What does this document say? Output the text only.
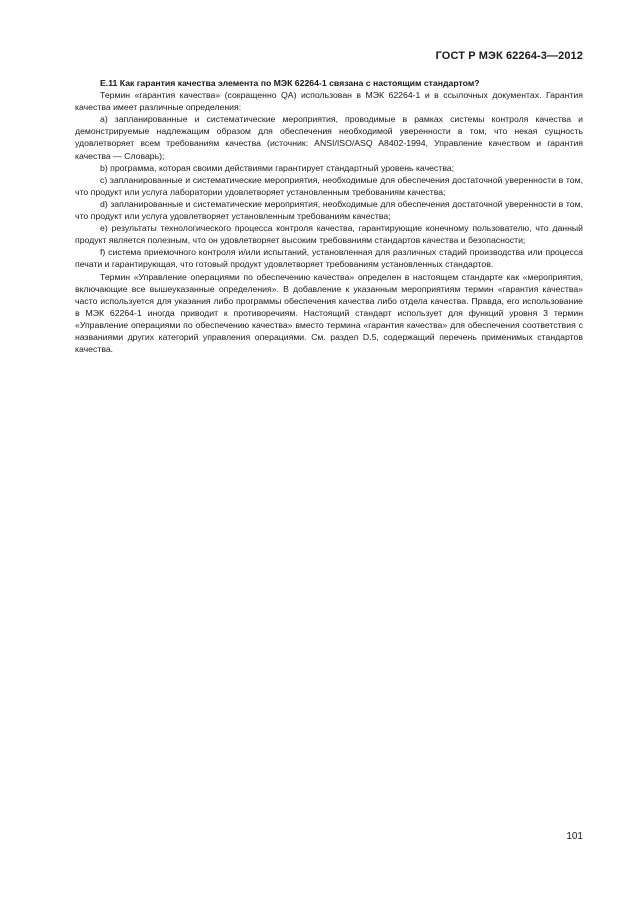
ГОСТ Р МЭК 62264-3—2012

E.11 Как гарантия качества элемента по МЭК 62264-1 связана с настоящим стандартом?

Термин «гарантия качества» (сокращенно QA) использован в МЭК 62264-1 и в ссылочных документах. Гарантия качества имеет различные определения:

а) запланированные и систематические мероприятия, проводимые в рамках системы контроля качества и демонстрируемые надлежащим образом для обеспечения необходимой уверенности в том, что некая сущность удовлетворяет всем требованиям качества (источник: ANSI/ISO/ASQ A8402-1994, Управление качеством и гарантия качества — Словарь);

b) программа, которая своими действиями гарантирует стандартный уровень качества;

c) запланированные и систематические мероприятия, необходимые для обеспечения достаточной уверенности в том, что продукт или услуга лаборатории удовлетворяет установленным требованиям качества;

d) запланированные и систематические мероприятия, необходимые для обеспечения достаточной уверенности в том, что продукт или услуга удовлетворяет установленным требованиям качества;

e) результаты технологического процесса контроля качества, гарантирующие конечному пользователю, что данный продукт является полезным, что он удовлетворяет высоким требованиям стандартов качества и безопасности;

f) система приемочного контроля и/или испытаний, установленная для различных стадий производства или процесса печати и гарантирующая, что готовый продукт удовлетворяет требованиям установленных стандартов.

Термин «Управление операциями по обеспечению качества» определен в настоящем стандарте как «мероприятия, включающие все вышеуказанные определения». В добавление к указанным мероприятиям термин «гарантия качества» часто используется для указания либо программы обеспечения качества либо отдела качества. Правда, его использование в МЭК 62264-1 иногда приводит к противоречиям. Настоящий стандарт использует для функций уровня 3 термин «Управление операциями по обеспечению качества» вместо термина «гарантия качества» для обеспечения соответствия с названиями других категорий управления операциями. См. раздел D.5, содержащий перечень применимых стандартов качества.

101
